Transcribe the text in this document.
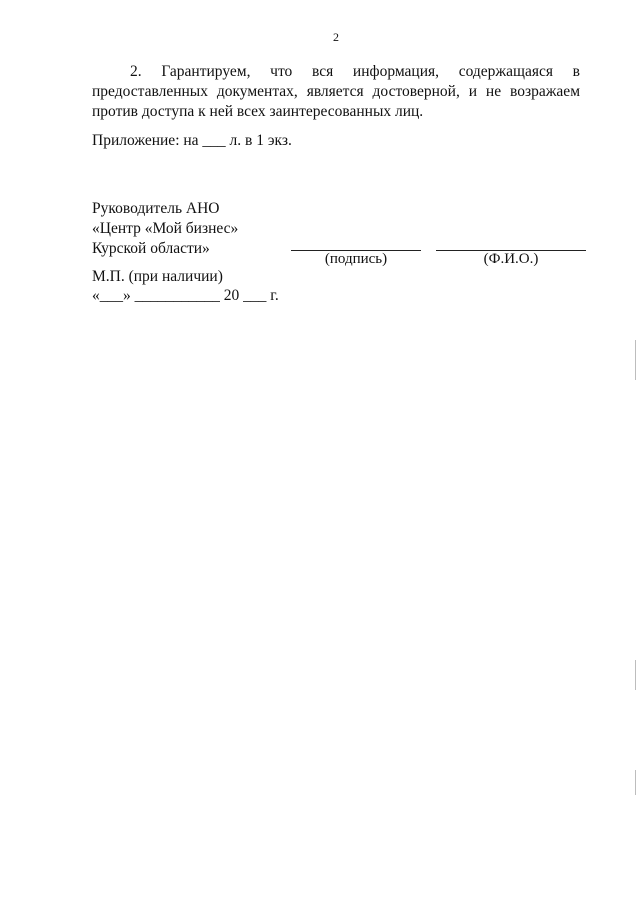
2
2. Гарантируем, что вся информация, содержащаяся в предоставленных документах, является достоверной, и не возражаем против доступа к ней всех заинтересованных лиц.
Приложение: на ___ л. в 1 экз.
Руководитель АНО
«Центр «Мой бизнес»
Курской области»
(подпись)	(Ф.И.О.)
М.П. (при наличии)
«___» ___________ 20 ___ г.
